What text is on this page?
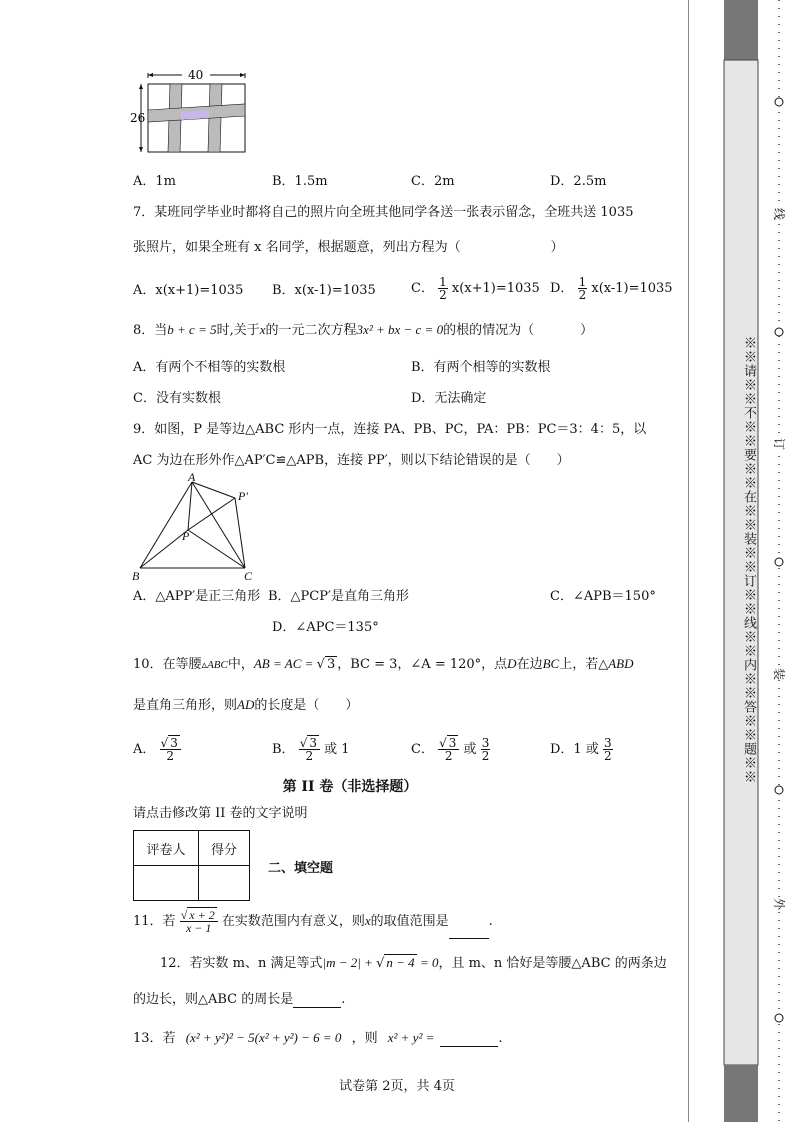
40
26
A．1m	B．1.5m	C．2m	D．2.5m
7．某班同学毕业时都将自己的照片向全班其他同学各送一张表示留念，全班共送 1035
张照片，如果全班有 x 名同学，根据题意，列出方程为（	）
A．x(x+1)=1035 B．x(x-1)=1035	C． $\frac{1}{2} x(x+1)=1035$ D． $\frac{1}{2} x(x-1)=1035$
8．当b + c = 5时,关于x的一元二次方程3x² + bx − c = 0的根的情况为（	）
A．有两个不相等的实数根	B．有两个相等的实数根
C．没有实数根	D．无法确定
9．如图，P 是等边△ABC 形内一点，连接 PA、PB、PC，PA：PB：PC＝3：4：5，以
AC 为边在形外作△AP′C≌△APB，连接 PP′，则以下结论错误的是（ ）
A
B	C
P
P′
A．△APP′是正三角形 B．△PCP′是直角三角形	C．∠APB＝150°
D．∠APC＝135°
10．在等腰▵ABC中，AB = AC = √ 3 ，BC = 3，∠A = 120°，点D在边BC上，若△ABD
是直角三角形，则AD的长度是（ ）
A． $\frac{√ 3}{2}$	B． $\frac{√ 3}{2}$ 或 1	C． $\frac{√ 3}{2}$ 或 $\frac{3}{2}$	D．1 或 $\frac{3}{2}$
第 II 卷（非选择题）
请点击修改第 II 卷的文字说明
评卷人	得分

二、填空题
11．若 $\frac{√ x + 2}{x - 1}$ 在实数范围内有意义，则x的取值范围是	.
12．若实数 m、n 满足等式|m − 2| + √ n − 4 = 0，且 m、n 恰好是等腰△ABC 的两条边
的边长，则△ABC 的周长是	.
13．若 (x² + y²)² − 5(x² + y²) − 6 = 0 ，则 x² + y² =	.
试卷第 2页，共 4页
※※请※※不※※要※※在※※装※※订※※线※※内※※答※※题※※
线
订
装
外
